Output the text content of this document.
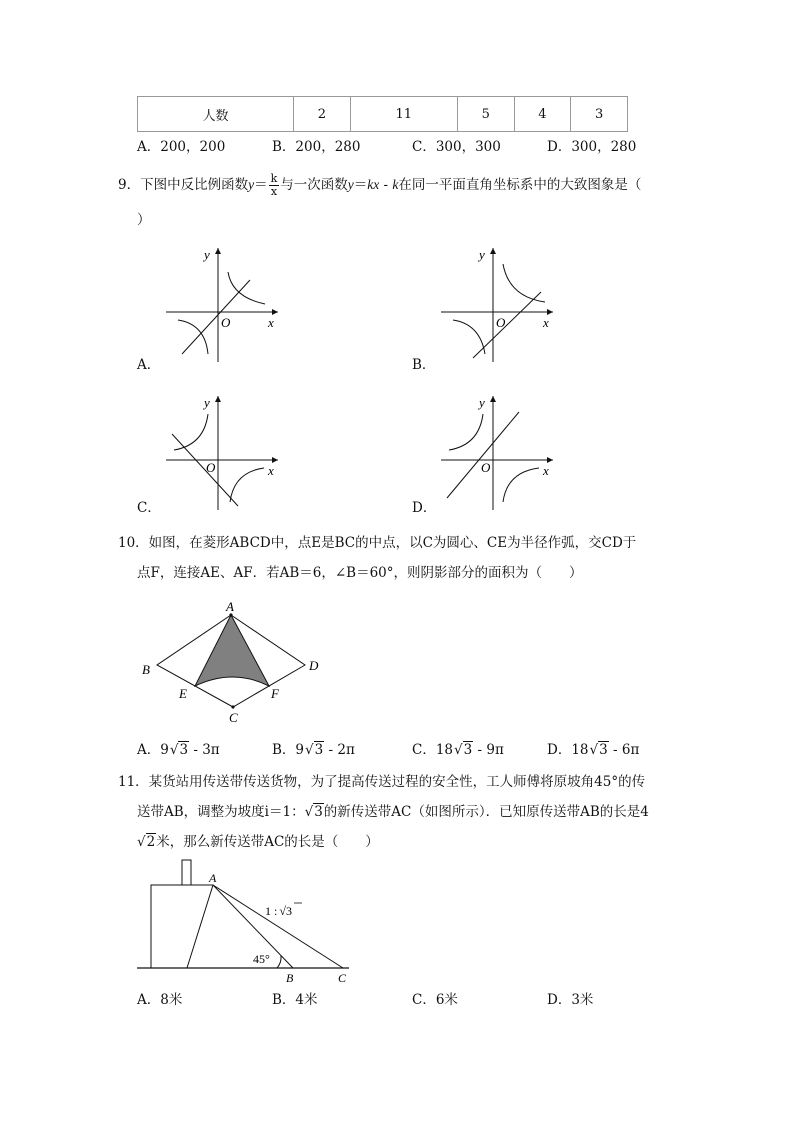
人数	2	11	5	4	3
A．200，200	B．200，280	C．300，300	D．300，280
9．下图中反比例函数$y= \frac{k}{x}$ 与一次函数y＝kx - k在同一平面直角坐标系中的大致图象是（
）
y
x
O
A．
y
x
O
B．
y
x
O
C．
y
x
O
D．
10．如图，在菱形ABCD中，点E是BC的中点，以C为圆心、CE为半径作弧，交CD于
点F，连接AE、AF．若AB＝6，∠B＝60°，则阴影部分的面积为（　　）
A
B
C
D
E	F
A．9√3 - 3π	B．9√3 - 2π	C．18√3 - 9π	D．18√3 - 6π
11．某货站用传送带传送货物，为了提高传送过程的安全性，工人师傅将原坡角45°的传
送带AB，调整为坡度i＝1：√3的新传送带AC（如图所示）．已知原传送带AB的长是4
√2米，那么新传送带AC的长是（　　）
A
B	C
45°
1 : √3
A．8米	B．4米	C．6米	D．3米
